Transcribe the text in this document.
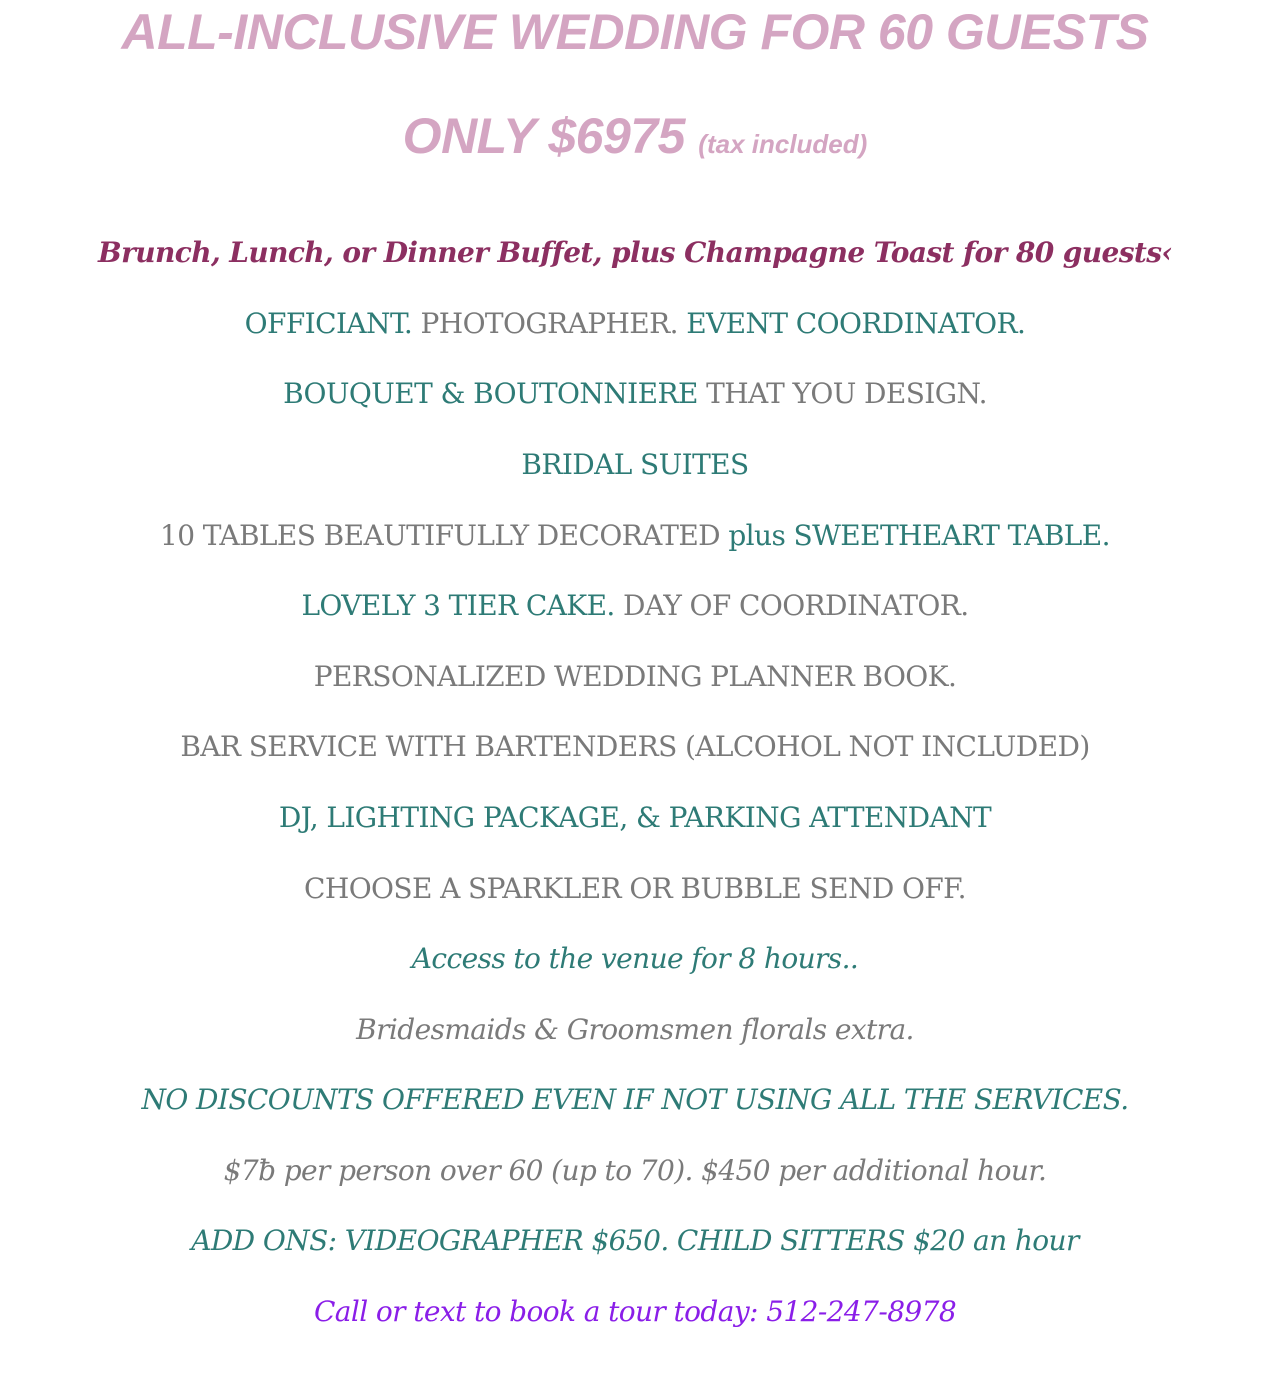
ALL-INCLUSIVE WEDDING FOR 60 GUESTS
ONLY $6975 (tax included)

Brunch, Lunch, or Dinner Buffet, plus Champagne Toast for 80 guests‹

OFFICIANT. PHOTOGRAPHER. EVENT COORDINATOR.

BOUQUET & BOUTONNIERE THAT YOU DESIGN.

BRIDAL SUITES

10 TABLES BEAUTIFULLY DECORATED plus SWEETHEART TABLE.

LOVELY 3 TIER CAKE. DAY OF COORDINATOR.

PERSONALIZED WEDDING PLANNER BOOK.

BAR SERVICE WITH BARTENDERS (ALCOHOL NOT INCLUDED)

DJ, LIGHTING PACKAGE, & PARKING ATTENDANT

CHOOSE A SPARKLER OR BUBBLE SEND OFF.

Access to the venue for 8 hours..

Bridesmaids & Groomsmen florals extra.

NO DISCOUNTS OFFERED EVEN IF NOT USING ALL THE SERVICES.

$7ƀ per person over 60 (up to 70). $450 per additional hour.

ADD ONS: VIDEOGRAPHER $650. CHILD SITTERS $20 an hour

Call or text to book a tour today: 512-247-8978
